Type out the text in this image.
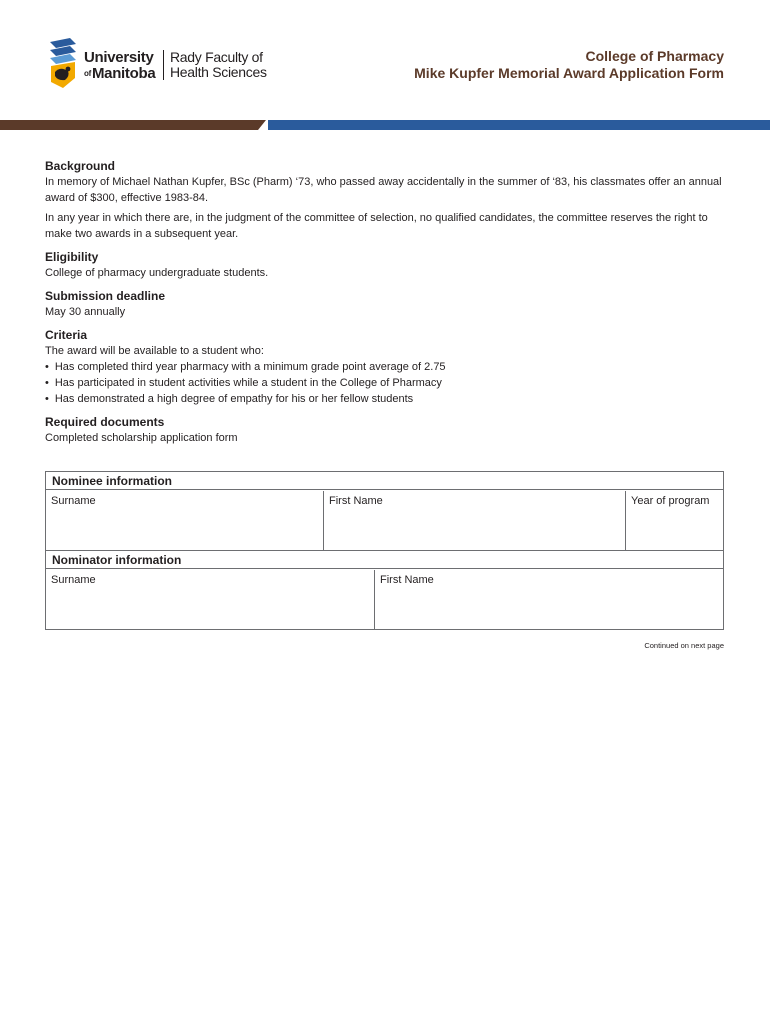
University
ofManitoba
Rady Faculty of
Health Sciences
College of Pharmacy
Mike Kupfer Memorial Award Application Form
Background

In memory of Michael Nathan Kupfer, BSc (Pharm) ‘73, who passed away accidentally in the summer of ‘83, his classmates offer an annual award of $300, effective 1983-84.

In any year in which there are, in the judgment of the committee of selection, no qualified candidates, the committee reserves the right to make two awards in a subsequent year.

Eligibility

College of pharmacy undergraduate students.

Submission deadline

May 30 annually

Criteria

The award will be available to a student who:

• Has completed third year pharmacy with a minimum grade point average of 2.75
• Has participated in student activities while a student in the College of Pharmacy
• Has demonstrated a high degree of empathy for his or her fellow students
Required documents

Completed scholarship application form

Nominee information
Surname	First Name	Year of program
Nominator information
Surname	First Name
Continued on next page
